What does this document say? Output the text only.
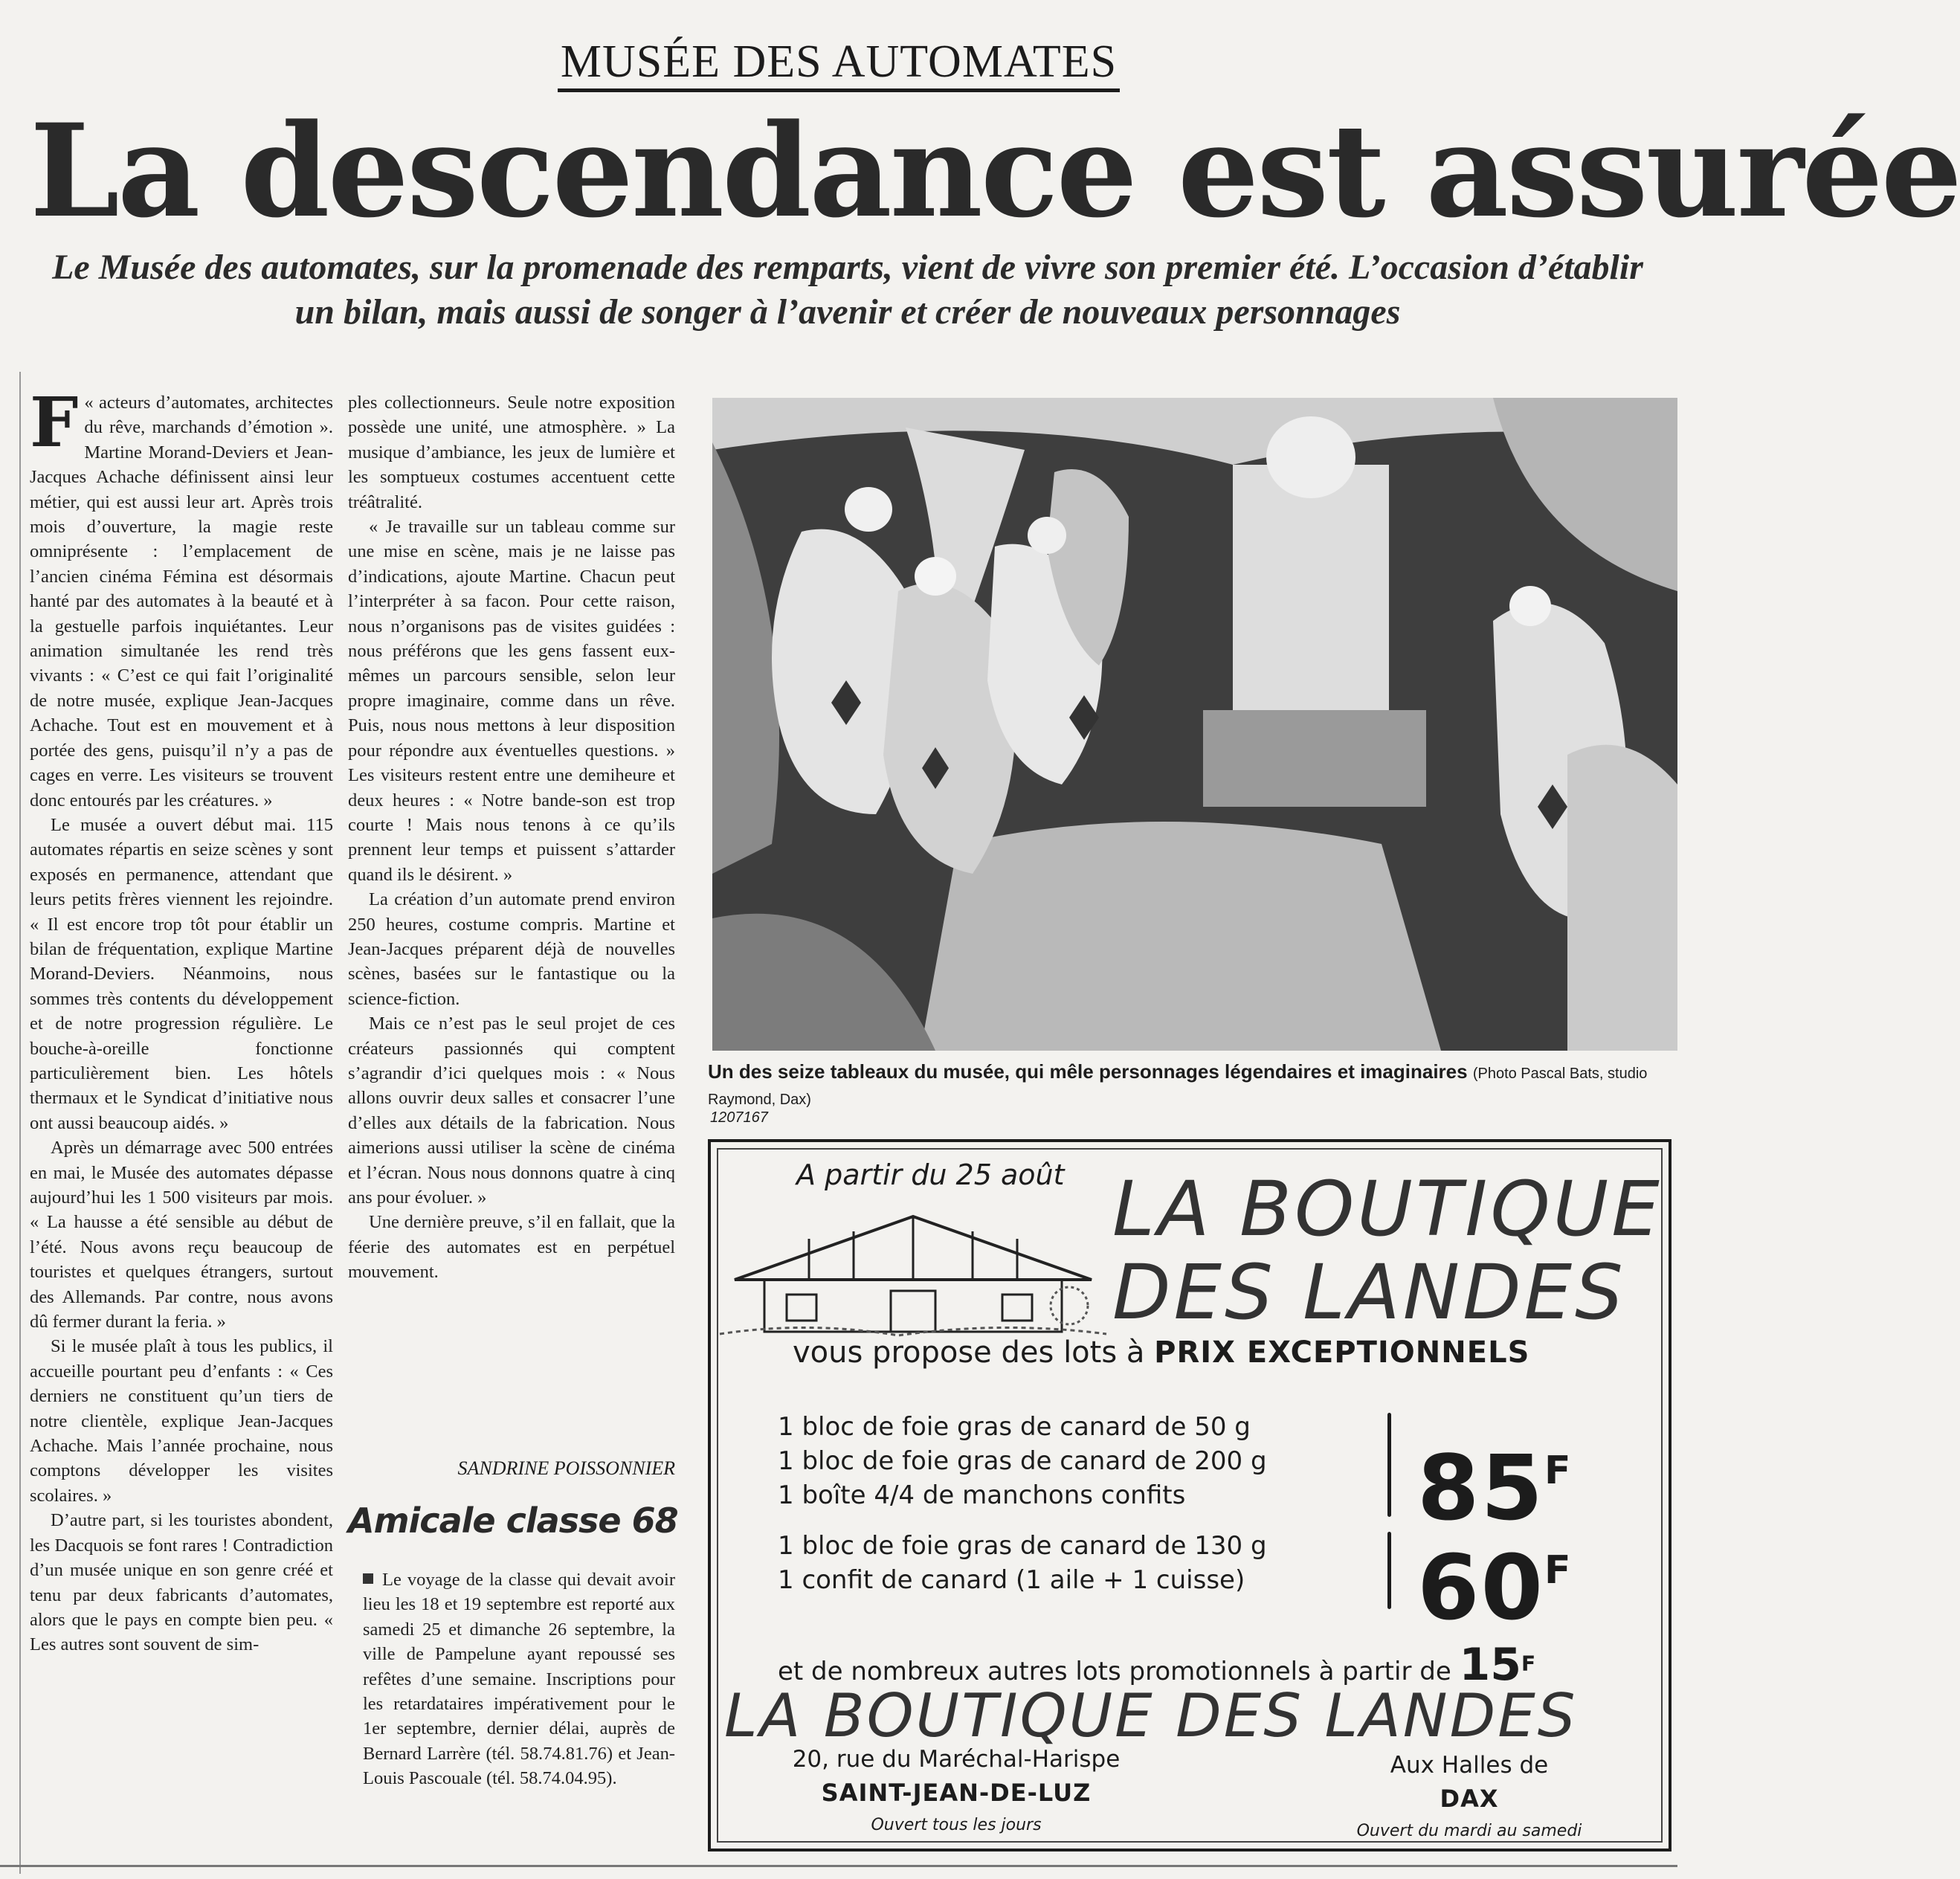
MUSÉE DES AUTOMATES
La descendance est assurée
Le Musée des automates, sur la promenade des remparts, vient de vivre son premier été. L’occasion d’établir un bilan, mais aussi de songer à l’avenir et créer de nouveaux personnages

F « acteurs d’automates, architectes du rêve, marchands d’émotion ». Martine Morand-Deviers et Jean-Jacques Achache définissent ainsi leur métier, qui est aussi leur art. Après trois mois d’ouverture, la magie reste omniprésente : l’emplacement de l’ancien cinéma Fémina est désormais hanté par des automates à la beauté et à la gestuelle parfois inquiétantes. Leur animation simultanée les rend très vivants : « C’est ce qui fait l’originalité de notre musée, explique Jean-Jacques Achache. Tout est en mouvement et à portée des gens, puisqu’il n’y a pas de cages en verre. Les visiteurs se trouvent donc entourés par les créatures. »

Le musée a ouvert début mai. 115 automates répartis en seize scènes y sont exposés en permanence, attendant que leurs petits frères viennent les rejoindre. « Il est encore trop tôt pour établir un bilan de fréquentation, explique Martine Morand-Deviers. Néanmoins, nous sommes très contents du développement et de notre progression régulière. Le bouche-à-oreille fonctionne particulièrement bien. Les hôtels thermaux et le Syndicat d’initiative nous ont aussi beaucoup aidés. »

Après un démarrage avec 500 entrées en mai, le Musée des automates dépasse aujourd’hui les 1 500 visiteurs par mois. « La hausse a été sensible au début de l’été. Nous avons reçu beaucoup de touristes et quelques étrangers, surtout des Allemands. Par contre, nous avons dû fermer durant la feria. »

Si le musée plaît à tous les publics, il accueille pourtant peu d’enfants : « Ces derniers ne constituent qu’un tiers de notre clientèle, explique Jean-Jacques Achache. Mais l’année prochaine, nous comptons développer les visites scolaires. »

D’autre part, si les touristes abondent, les Dacquois se font rares ! Contradiction d’un musée unique en son genre créé et tenu par deux fabricants d’automates, alors que le pays en compte bien peu. « Les autres sont souvent de sim-

ples collectionneurs. Seule notre exposition possède une unité, une atmosphère. » La musique d’ambiance, les jeux de lumière et les somptueux costumes accentuent cette tréâtralité.

« Je travaille sur un tableau comme sur une mise en scène, mais je ne laisse pas d’indications, ajoute Martine. Chacun peut l’interpréter à sa facon. Pour cette raison, nous n’organisons pas de visites guidées : nous préférons que les gens fassent eux-mêmes un parcours sensible, selon leur propre imaginaire, comme dans un rêve. Puis, nous nous mettons à leur disposition pour répondre aux éventuelles questions. » Les visiteurs restent entre une demiheure et deux heures : « Notre bande-son est trop courte ! Mais nous tenons à ce qu’ils prennent leur temps et puissent s’attarder quand ils le désirent. »

La création d’un automate prend environ 250 heures, costume compris. Martine et Jean-Jacques préparent déjà de nouvelles scènes, basées sur le fantastique ou la science-fiction.

Mais ce n’est pas le seul projet de ces créateurs passionnés qui comptent s’agrandir d’ici quelques mois : « Nous allons ouvrir deux salles et consacrer l’une d’elles aux détails de la fabrication. Nous aimerions aussi utiliser la scène de cinéma et l’écran. Nous nous donnons quatre à cinq ans pour évoluer. »

Une dernière preuve, s’il en fallait, que la féerie des automates est en perpétuel mouvement.

SANDRINE POISSONNIER
Amicale classe 68

Le voyage de la classe qui devait avoir lieu les 18 et 19 septembre est reporté aux samedi 25 et dimanche 26 septembre, la ville de Pampelune ayant repoussé ses refêtes d’une semaine. Inscriptions pour les retardataires impérativement pour le 1er septembre, dernier délai, auprès de Bernard Larrère (tél. 58.74.81.76) et Jean-Louis Pascouale (tél. 58.74.04.95).

Un des seize tableaux du musée, qui mêle personnages légendaires et imaginaires (Photo Pascal Bats, studio Raymond, Dax)
1207167
A partir du 25 août LA BOUTIQUE
DES LANDES
vous propose des lots à PRIX EXCEPTIONNELS
1 bloc de foie gras de canard de 50 g
1 bloc de foie gras de canard de 200 g
1 boîte 4/4 de manchons confits	$85^F$
1 bloc de foie gras de canard de 130 g
1 confit de canard (1 aile + 1 cuisse) $60^F$
et de nombreux autres lots promotionnels à partir de $15^F$
LA BOUTIQUE DES LANDES
20, rue du Maréchal-Harispe
SAINT-JEAN-DE-LUZ
Ouvert tous les jours
Aux Halles de
DAX
Ouvert du mardi au samedi
